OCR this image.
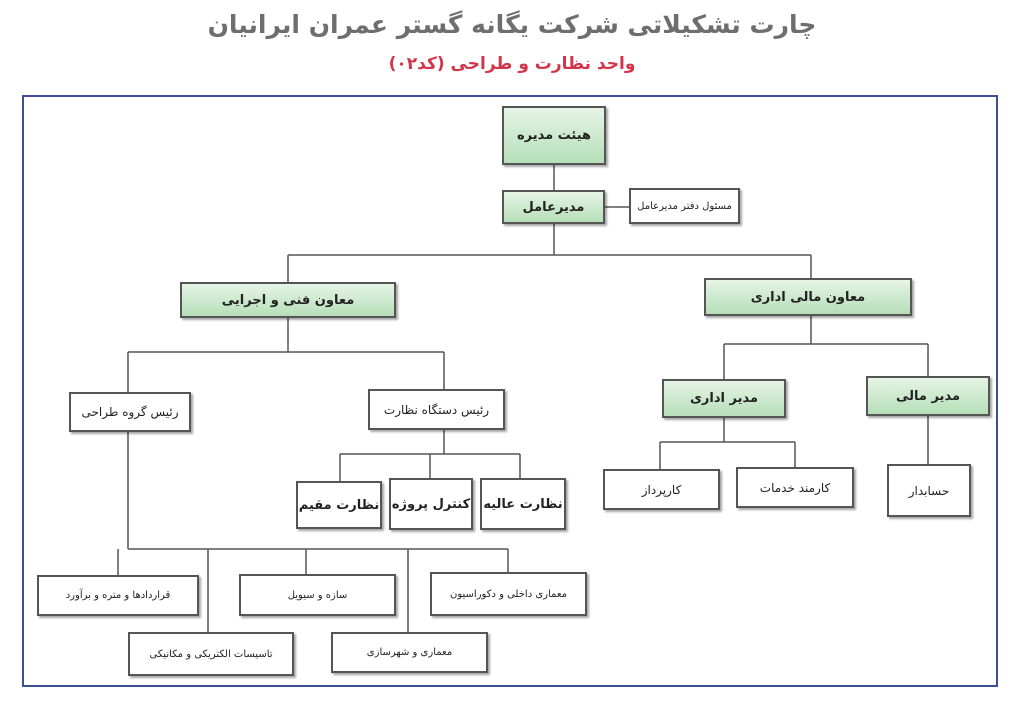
چارت تشکیلاتی شرکت یگانه گستر عمران ایرانیان
واحد نظارت و طراحی (کد۰۲)
هیئت مدیره
مدیرعامل	مسئول دفتر مدیرعامل
معاون فنی و اجرایی	معاون مالی اداری
رئیس گروه طراحی	رئیس دستگاه نظارت
مدیر اداری	مدیر مالی
نظارت مقیم کنترل پروژه نظارت عالیه
کارپرداز	کارمند خدمات	حسابدار
قراردادها و متره و برآورد	سازه و سیویل	معماری داخلی و دکوراسیون
تاسیسات الکتریکی و مکانیکی	معماری و شهرسازی
